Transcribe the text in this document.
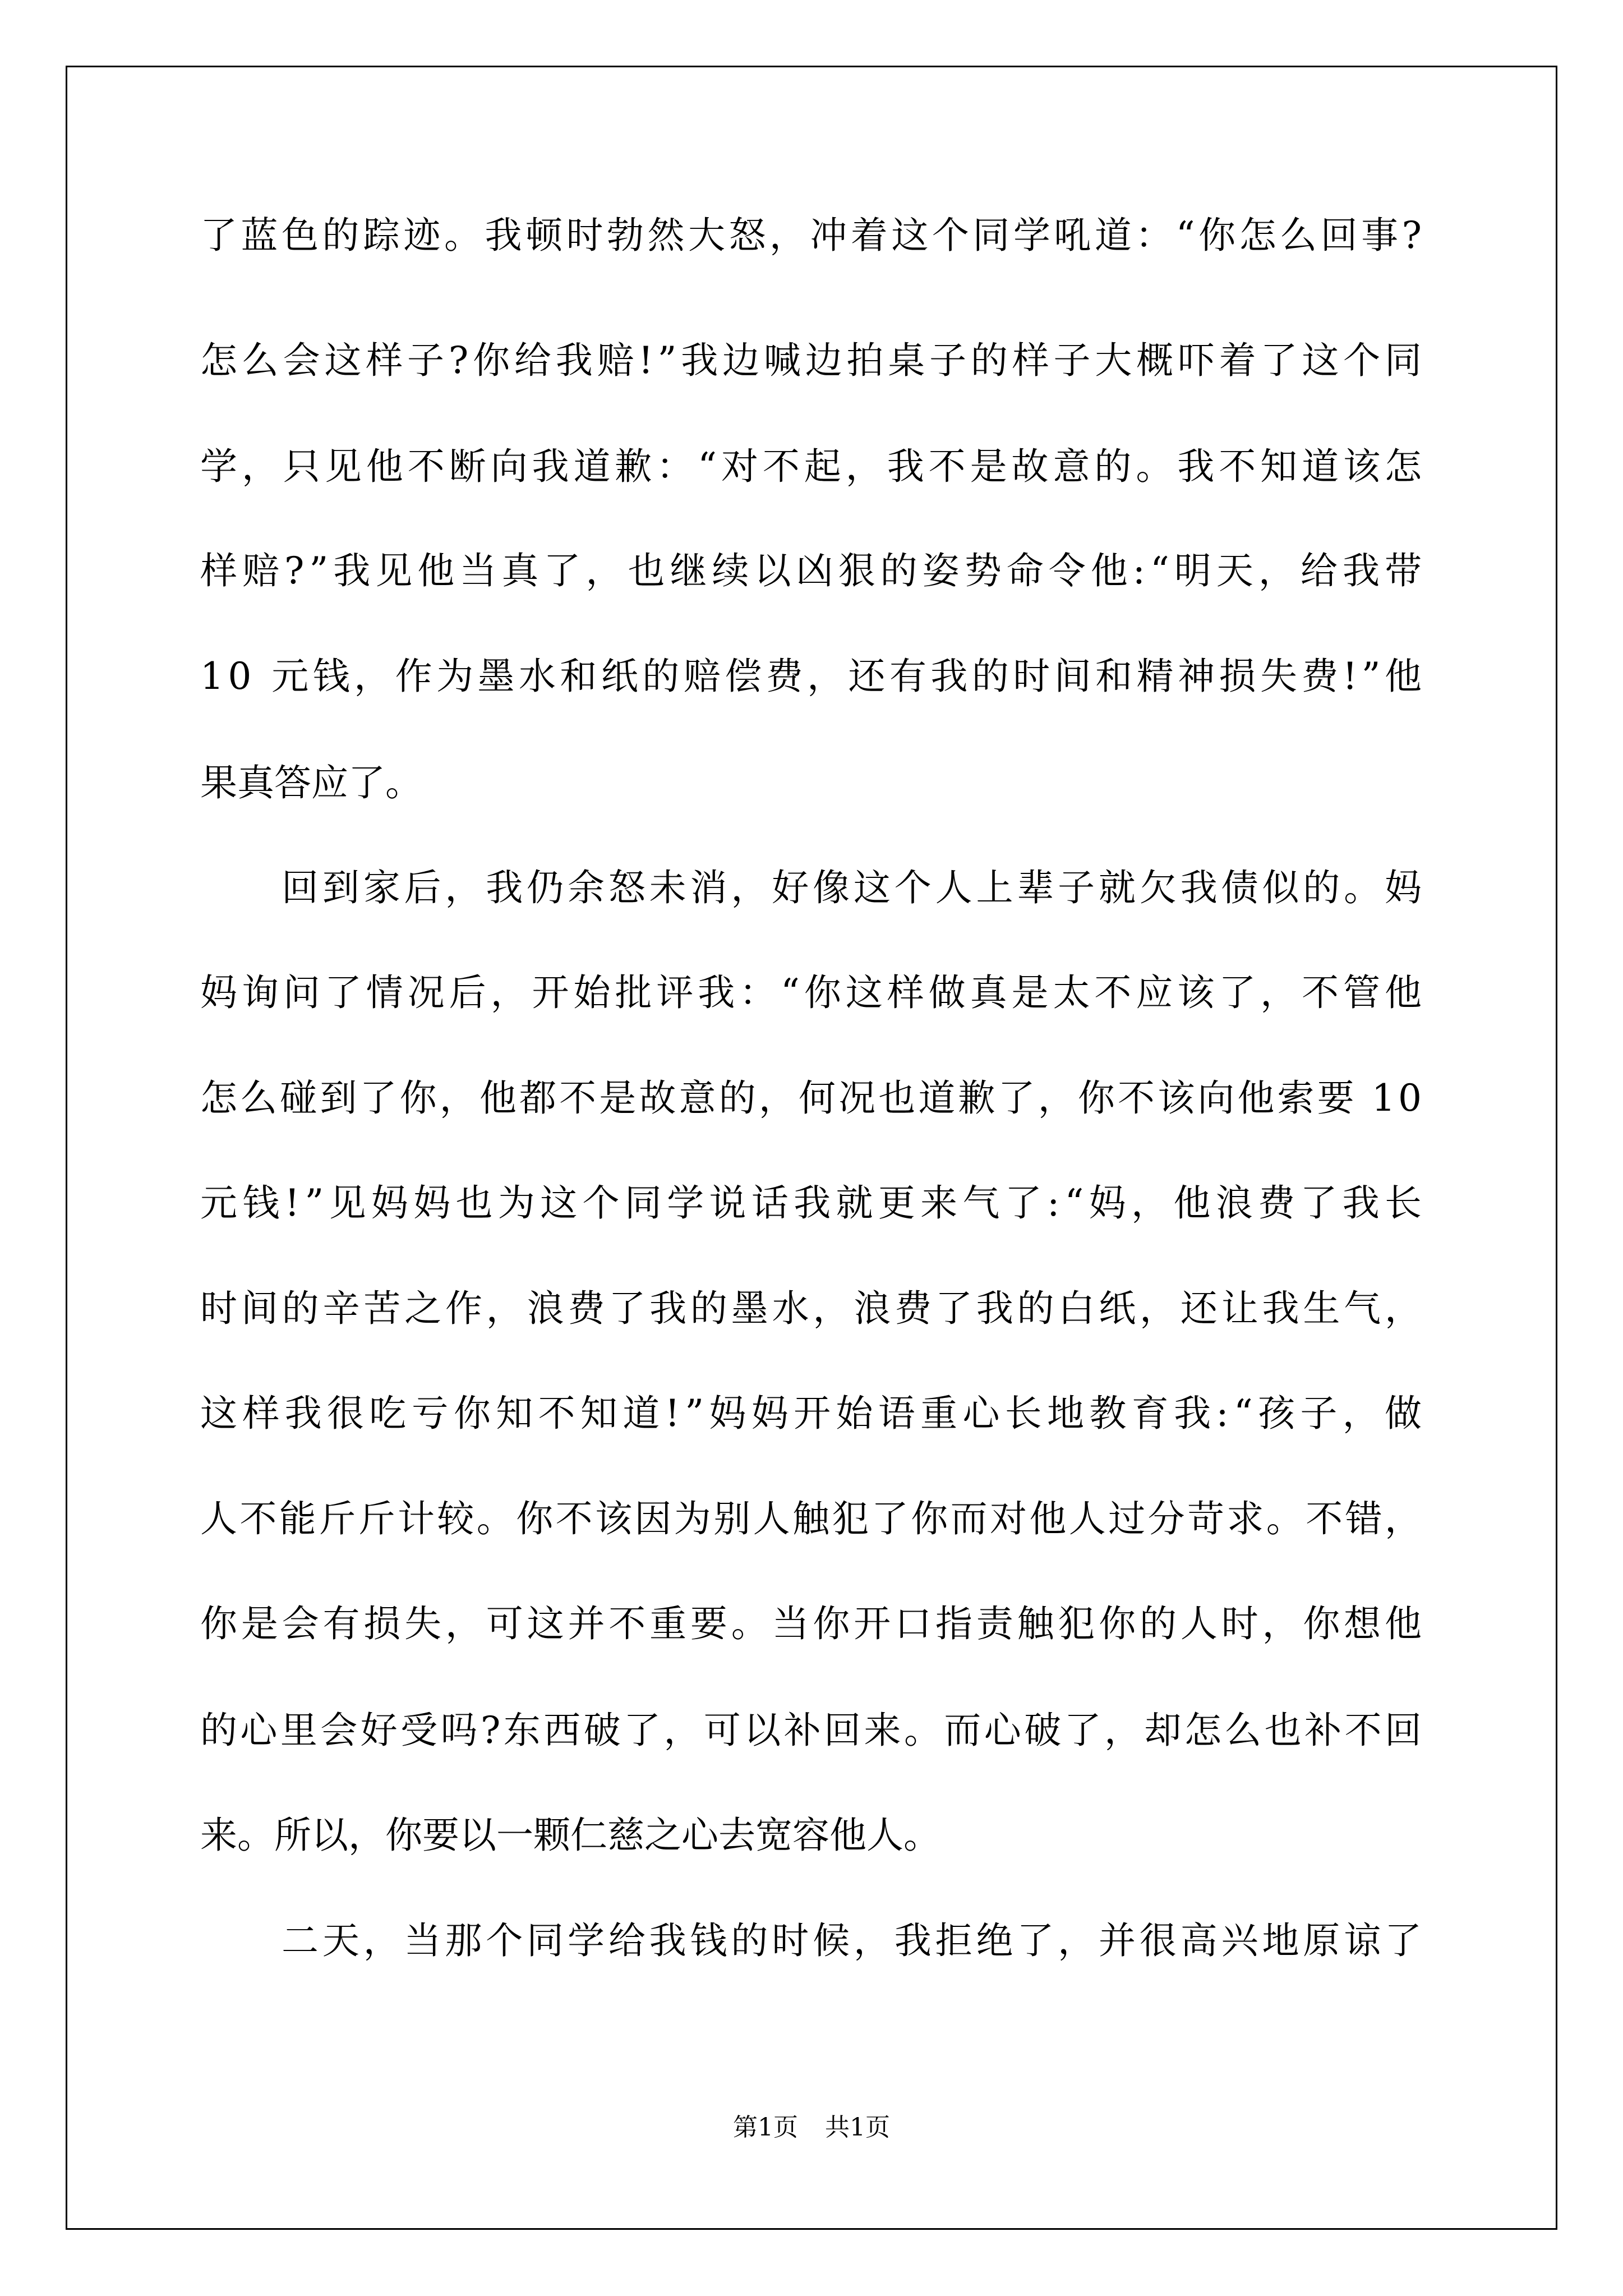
了蓝色的踪迹。我顿时勃然大怒，冲着这个同学吼道：“你怎么回事?
怎么会这样子?你给我赔!”我边喊边拍桌子的样子大概吓着了这个同
学，只见他不断向我道歉：“对不起，我不是故意的。我不知道该怎
样赔?”我见他当真了，也继续以凶狠的姿势命令他:“明天，给我带
10 元钱，作为墨水和纸的赔偿费，还有我的时间和精神损失费!”他
果真答应了。
回到家后，我仍余怒未消，好像这个人上辈子就欠我债似的。妈
妈询问了情况后，开始批评我：“你这样做真是太不应该了，不管他
怎么碰到了你，他都不是故意的，何况也道歉了，你不该向他索要 10
元钱!”见妈妈也为这个同学说话我就更来气了:“妈，他浪费了我长
时间的辛苦之作，浪费了我的墨水，浪费了我的白纸，还让我生气，
这样我很吃亏你知不知道!”妈妈开始语重心长地教育我:“孩子，做
人不能斤斤计较。你不该因为别人触犯了你而对他人过分苛求。不错，
你是会有损失，可这并不重要。当你开口指责触犯你的人时，你想他
的心里会好受吗?东西破了，可以补回来。而心破了，却怎么也补不回
来。所以，你要以一颗仁慈之心去宽容他人。
二天，当那个同学给我钱的时候，我拒绝了，并很高兴地原谅了
第1页 共1页
